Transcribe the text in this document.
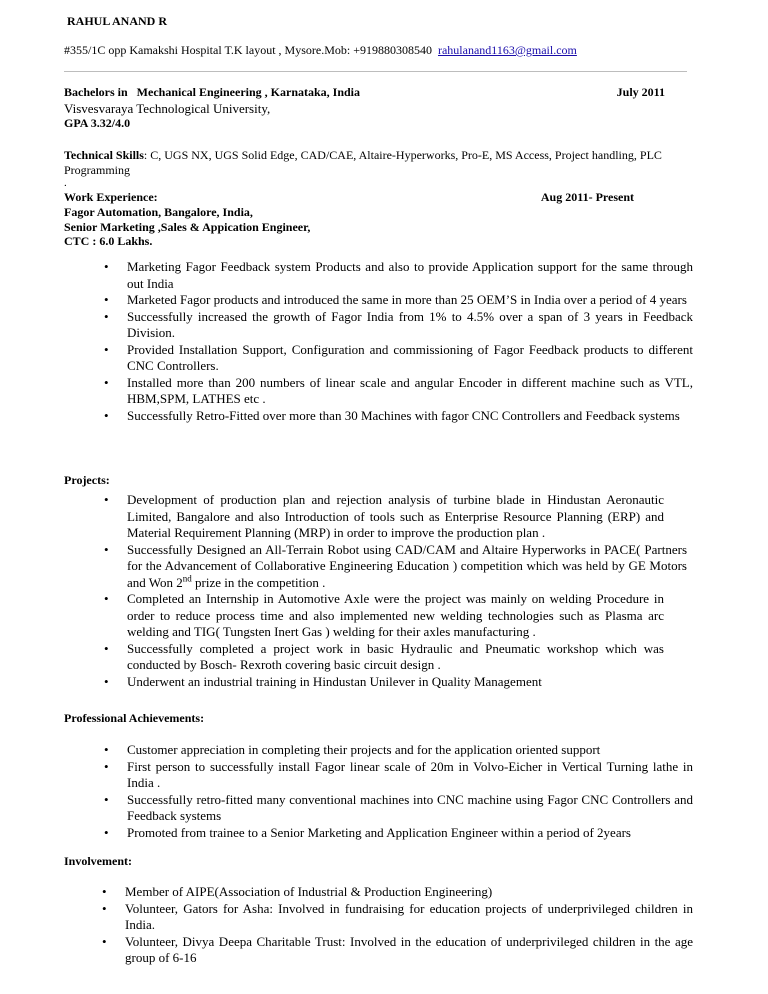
RAHUL ANAND R
#355/1C opp Kamakshi Hospital T.K layout , Mysore.Mob: +919880308540 rahulanand1163@gmail.com
Bachelors in   Mechanical Engineering , Karnataka, India	July 2011
Visvesvaraya Technological University,
GPA 3.32/4.0
Technical Skills: C, UGS NX, UGS Solid Edge, CAD/CAE, Altaire-Hyperworks, Pro-E, MS Access, Project handling, PLC Programming
.
Work Experience:	Aug 2011- Present
Fagor Automation, Bangalore, India,
Senior Marketing ,Sales & Appication Engineer,
CTC : 6.0 Lakhs.
• Marketing Fagor Feedback system Products and also to provide Application support for the same through out India
• Marketed Fagor products and introduced the same in more than 25 OEM’S in India over a period of 4 years
• Successfully increased the growth of Fagor India from 1% to 4.5% over a span of 3 years in Feedback Division.
• Provided Installation Support, Configuration and commissioning of Fagor Feedback products to different CNC Controllers.
• Installed more than 200 numbers of linear scale and angular Encoder in different machine such as VTL, HBM,SPM, LATHES etc .
• Successfully Retro-Fitted over more than 30 Machines with fagor CNC Controllers and Feedback systems
Projects:
• Development of production plan and rejection analysis of turbine blade in Hindustan Aeronautic Limited, Bangalore and also Introduction of tools such as Enterprise Resource Planning (ERP) and Material Requirement Planning (MRP) in order to improve the production plan .
• Successfully Designed an All-Terrain Robot using CAD/CAM and Altaire Hyperworks in PACE( Partners for the Advancement of Collaborative Engineering Education ) competition which was held by GE Motors and Won 2nd prize in the competition .
• Completed an Internship in Automotive Axle were the project was mainly on welding Procedure in order to reduce process time and also implemented new welding technologies such as Plasma arc welding and TIG( Tungsten Inert Gas ) welding for their axles manufacturing .
• Successfully completed a project work in basic Hydraulic and Pneumatic workshop which was conducted by Bosch- Rexroth covering basic circuit design .
• Underwent an industrial training in Hindustan Unilever in Quality Management
Professional Achievements:
• Customer appreciation in completing their projects and for the application oriented support
• First person to successfully install Fagor linear scale of 20m in Volvo-Eicher in Vertical Turning lathe in India .
• Successfully retro-fitted many conventional machines into CNC machine using Fagor CNC Controllers and Feedback systems
• Promoted from trainee to a Senior Marketing and Application Engineer within a period of 2years
Involvement:
• Member of AIPE(Association of Industrial & Production Engineering)
• Volunteer, Gators for Asha: Involved in fundraising for education projects of underprivileged children in India.
• Volunteer, Divya Deepa Charitable Trust: Involved in the education of underprivileged children in the age group of 6-16
